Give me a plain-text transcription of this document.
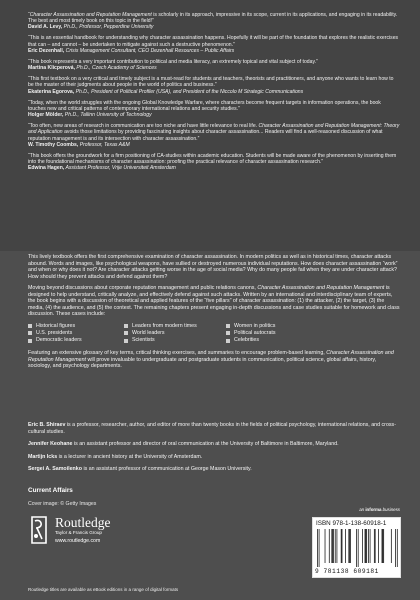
“Character Assassination and Reputation Management is scholarly in its approach, impressive in its scope, current in its applications, and engaging in its readability. The best and most timely book on this topic in the field!”
David A. Levy, Ph.D., Professor, Pepperdine University
“This is an essential handbook for understanding why character assassination happens. Hopefully it will be part of the foundation that explores the realistic exercises that can – and cannot – be undertaken to mitigate against such a destructive phenomenon.”
Eric Dezenhall, Crisis Management Consultant, CEO Dezenhall Resources – Public Affairs
“This book represents a very important contribution to political and media literacy, an extremely topical and vital subject of today.”
Martina Klicperová, Ph.D., Czech Academy of Sciences
“This first textbook on a very critical and timely subject is a must-read for students and teachers, theorists and practitioners, and anyone who wants to learn how to be the master of their judgments about people in the world of politics and business.”
Ekaterina Egorova, Ph.D., President of Political Profiler (USA), and President of the Niccolo M Strategic Communications
“Today, when the world struggles with the ongoing Global Knowledge Warfare, where characters become frequent targets in information operations, the book touches new and critical patterns of contemporary international relations and security studies.”
Holger Mölder, Ph.D., Tallinn University of Technology
“Too often, new areas of research in communication are too niche and have little relevance to real life. Character Assassination and Reputation Management: Theory and Application avoids those limitations by providing fascinating insights about character assassination... Readers will find a well-reasoned discussion of what reputation management is and its intersection with character assassination.”
W. Timothy Coombs, Professor, Texas A&M
“This book offers the groundwork for a firm positioning of CA-studies within academic education. Students will be made aware of the phenomenon by inserting them into the foundational mechanisms of character assassination: proofing the practical relevance of character assassination research.”
Edwina Hagen, Assistant Professor, Vrije Universiteit Amsterdam

This lively textbook offers the first comprehensive examination of character assassination. In modern politics as well as in historical times, character attacks abound. Words and images, like psychological weapons, have sullied or destroyed numerous individual reputations. How does character assassination “work” and when or why does it not? Are character attacks getting worse in the age of social media? Why do many people fail when they are under character attack? How should they prevent attacks and defend against them?

Moving beyond discussions about corporate reputation management and public relations canons, Character Assassination and Reputation Management is designed to help understand, critically analyze, and effectively defend against such attacks. Written by an international and interdisciplinary team of experts, the book begins with a discussion of theoretical and applied features of the “five pillars” of character assassination: (1) the attacker, (2) the target, (3) the media, (4) the audience, and (5) the context. The remaining chapters present engaging in-depth discussions and case studies suitable for homework and class discussion. These cases include:

Historical figures	Leaders from modern times	Women in politics
U.S. presidents	World leaders	Political autocrats
Democratic leaders	Scientists	Celebrities

Featuring an extensive glossary of key terms, critical thinking exercises, and summaries to encourage problem-based learning, Character Assassination and Reputation Management will prove invaluable to undergraduate and postgraduate students in communication, political science, global affairs, history, sociology, and psychology departments.

Eric B. Shiraev is a professor, researcher, author, and editor of more than twenty books in the fields of political psychology, international relations, and cross-cultural studies.

Jennifer Keohane is an assistant professor and director of oral communication at the University of Baltimore in Baltimore, Maryland.

Martijn Icks is a lecturer in ancient history at the University of Amsterdam.

Sergei A. Samoilenko is an assistant professor of communication at George Mason University.

Current Affairs
Cover image: © Getty Images
Routledge
Taylor & Francis Group
www.routledge.com
an informa business
ISBN 978-1-138-60918-1
9 781138 609181
Routledge titles are available as eBook editions in a range of digital formats
